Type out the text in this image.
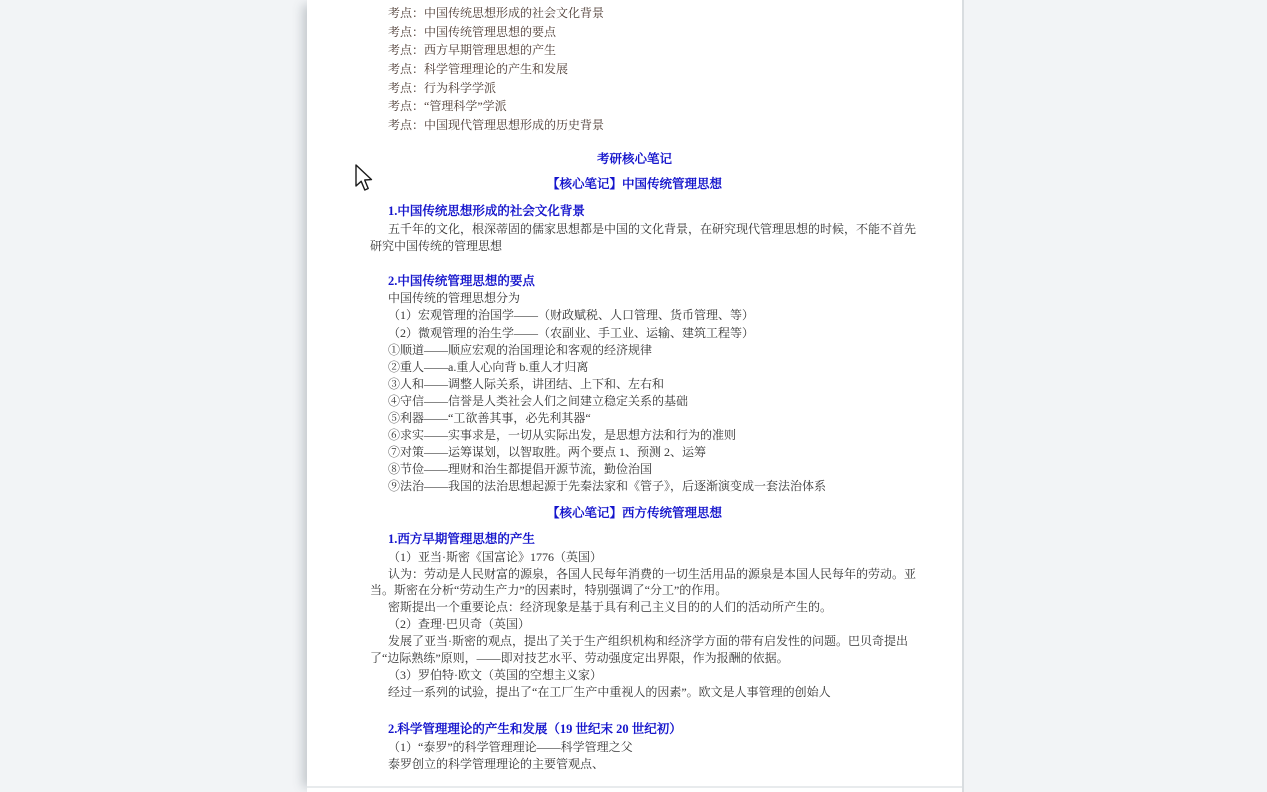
考点：中国传统思想形成的社会文化背景
考点：中国传统管理思想的要点
考点：西方早期管理思想的产生
考点：科学管理理论的产生和发展
考点：行为科学学派
考点：“管理科学”学派
考点：中国现代管理思想形成的历史背景
考研核心笔记
【核心笔记】中国传统管理思想
1.中国传统思想形成的社会文化背景
五千年的文化，根深蒂固的儒家思想都是中国的文化背景，在研究现代管理思想的时候，不能不首先
研究中国传统的管理思想
2.中国传统管理思想的要点
中国传统的管理思想分为
（1）宏观管理的治国学——（财政赋税、人口管理、货币管理、等）
（2）微观管理的治生学——（农副业、手工业、运输、建筑工程等）
①顺道——顺应宏观的治国理论和客观的经济规律
②重人——a.重人心向背 b.重人才归离
③人和——调整人际关系，讲团结、上下和、左右和
④守信——信誉是人类社会人们之间建立稳定关系的基础
⑤利器——“工欲善其事，必先利其器“
⑥求实——实事求是，一切从实际出发，是思想方法和行为的准则
⑦对策——运筹谋划，以智取胜。两个要点 1、预测 2、运筹
⑧节俭——理财和治生都提倡开源节流，勤俭治国
⑨法治——我国的法治思想起源于先秦法家和《管子》，后逐渐演变成一套法治体系
【核心笔记】西方传统管理思想
1.西方早期管理思想的产生
（1）亚当·斯密《国富论》1776（英国）
认为：劳动是人民财富的源泉，各国人民每年消费的一切生活用品的源泉是本国人民每年的劳动。亚
当。斯密在分析“劳动生产力”的因素时，特别强调了“分工”的作用。
密斯提出一个重要论点：经济现象是基于具有利己主义目的的人们的活动所产生的。
（2）查理·巴贝奇（英国）
发展了亚当·斯密的观点，提出了关于生产组织机构和经济学方面的带有启发性的问题。巴贝奇提出
了“边际熟练”原则，——即对技艺水平、劳动强度定出界限，作为报酬的依据。
（3）罗伯特·欧文（英国的空想主义家）
经过一系列的试验，提出了“在工厂生产中重视人的因素”。欧文是人事管理的创始人
2.科学管理理论的产生和发展（19 世纪末 20 世纪初）
（1）“泰罗”的科学管理理论——科学管理之父
泰罗创立的科学管理理论的主要管观点、
